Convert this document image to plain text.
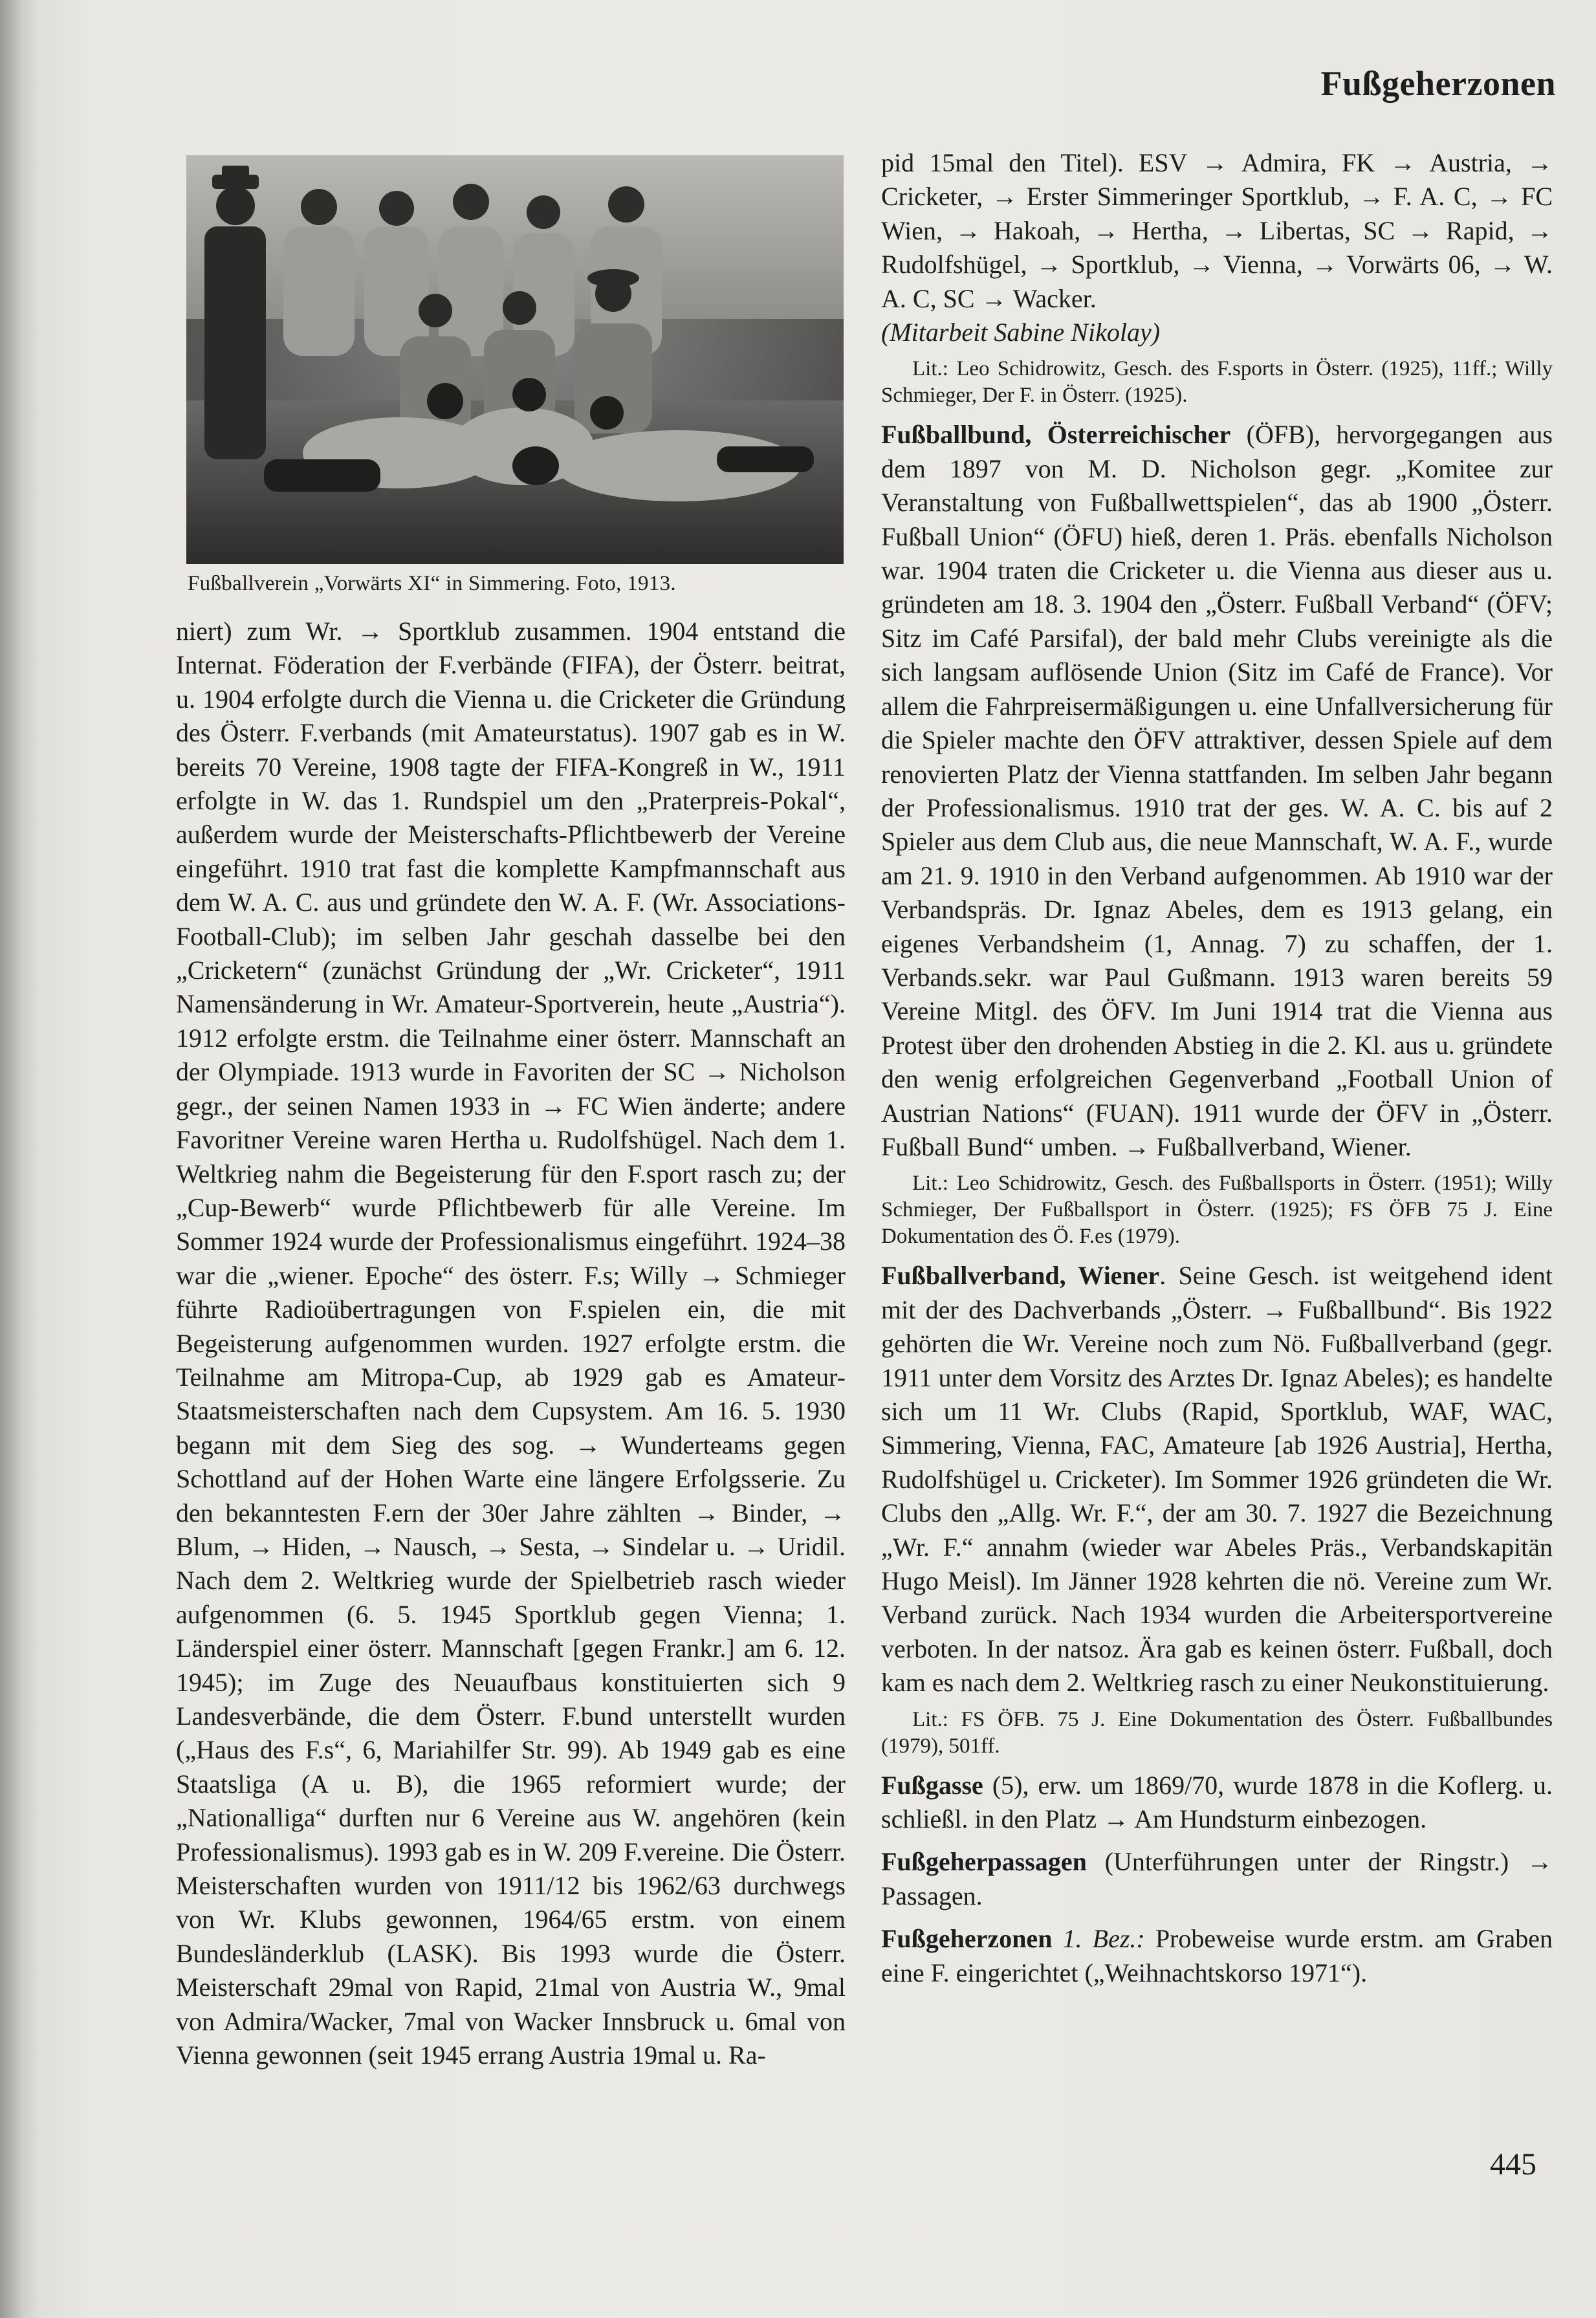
Fußgeherzonen
Fußballverein „Vorwärts XI“ in Simmering. Foto, 1913.

niert) zum Wr. → Sportklub zusammen. 1904 entstand die Internat. Föderation der F.verbände (FIFA), der Österr. beitrat, u. 1904 erfolgte durch die Vienna u. die Cricketer die Gründung des Österr. F.verbands (mit Amateurstatus). 1907 gab es in W. bereits 70 Vereine, 1908 tagte der FIFA-Kongreß in W., 1911 erfolgte in W. das 1. Rundspiel um den „Praterpreis-Pokal“, außerdem wurde der Meisterschafts-Pflichtbewerb der Vereine eingeführt. 1910 trat fast die komplette Kampfmannschaft aus dem W. A. C. aus und gründete den W. A. F. (Wr. Associations-Football-Club); im selben Jahr geschah dasselbe bei den „Cricketern“ (zunächst Gründung der „Wr. Cricketer“, 1911 Namensänderung in Wr. Amateur-Sportverein, heute „Austria“). 1912 erfolgte erstm. die Teilnahme einer österr. Mannschaft an der Olympiade. 1913 wurde in Favoriten der SC → Nicholson gegr., der seinen Namen 1933 in → FC Wien änderte; andere Favoritner Vereine waren Hertha u. Rudolfshügel. Nach dem 1. Weltkrieg nahm die Begeisterung für den F.sport rasch zu; der „Cup-Bewerb“ wurde Pflichtbewerb für alle Vereine. Im Sommer 1924 wurde der Professionalismus eingeführt. 1924–38 war die „wiener. Epoche“ des österr. F.s; Willy → Schmieger führte Radioübertragungen von F.spielen ein, die mit Begeisterung aufgenommen wurden. 1927 erfolgte erstm. die Teilnahme am Mitropa-Cup, ab 1929 gab es Amateur-Staatsmeisterschaften nach dem Cupsystem. Am 16. 5. 1930 begann mit dem Sieg des sog. → Wunderteams gegen Schottland auf der Hohen Warte eine längere Erfolgsserie. Zu den bekanntesten F.ern der 30er Jahre zählten → Binder, → Blum, → Hiden, → Nausch, → Sesta, → Sindelar u. → Uridil. Nach dem 2. Weltkrieg wurde der Spielbetrieb rasch wieder aufgenommen (6. 5. 1945 Sportklub gegen Vienna; 1. Länderspiel einer österr. Mannschaft [gegen Frankr.] am 6. 12. 1945); im Zuge des Neuaufbaus konstituierten sich 9 Landesverbände, die dem Österr. F.bund unterstellt wurden („Haus des F.s“, 6, Mariahilfer Str. 99). Ab 1949 gab es eine Staatsliga (A u. B), die 1965 reformiert wurde; der „Nationalliga“ durften nur 6 Vereine aus W. angehören (kein Professionalismus). 1993 gab es in W. 209 F.vereine. Die Österr. Meisterschaften wurden von 1911/12 bis 1962/63 durchwegs von Wr. Klubs gewonnen, 1964/65 erstm. von einem Bundesländerklub (LASK). Bis 1993 wurde die Österr. Meisterschaft 29mal von Rapid, 21mal von Austria W., 9mal von Admira/Wacker, 7mal von Wacker Innsbruck u. 6mal von Vienna gewonnen (seit 1945 errang Austria 19mal u. Ra-

pid 15mal den Titel). ESV → Admira, FK → Austria, → Cricketer, → Erster Simmeringer Sportklub, → F. A. C, → FC Wien, → Hakoah, → Hertha, → Libertas, SC → Rapid, → Rudolfshügel, → Sportklub, → Vienna, → Vorwärts 06, → W. A. C, SC → Wacker.

(Mitarbeit Sabine Nikolay)

Lit.: Leo Schidrowitz, Gesch. des F.sports in Österr. (1925), 11ff.; Willy Schmieger, Der F. in Österr. (1925).

Fußballbund, Österreichischer (ÖFB), hervorgegangen aus dem 1897 von M. D. Nicholson gegr. „Komitee zur Veranstaltung von Fußballwettspielen“, das ab 1900 „Österr. Fußball Union“ (ÖFU) hieß, deren 1. Präs. ebenfalls Nicholson war. 1904 traten die Cricketer u. die Vienna aus dieser aus u. gründeten am 18. 3. 1904 den „Österr. Fußball Verband“ (ÖFV; Sitz im Café Parsifal), der bald mehr Clubs vereinigte als die sich langsam auflösende Union (Sitz im Café de France). Vor allem die Fahrpreisermäßigungen u. eine Unfallversicherung für die Spieler machte den ÖFV attraktiver, dessen Spiele auf dem renovierten Platz der Vienna stattfanden. Im selben Jahr begann der Professionalismus. 1910 trat der ges. W. A. C. bis auf 2 Spieler aus dem Club aus, die neue Mannschaft, W. A. F., wurde am 21. 9. 1910 in den Verband aufgenommen. Ab 1910 war der Verbandspräs. Dr. Ignaz Abeles, dem es 1913 gelang, ein eigenes Verbandsheim (1, Annag. 7) zu schaffen, der 1. Verbands.sekr. war Paul Gußmann. 1913 waren bereits 59 Vereine Mitgl. des ÖFV. Im Juni 1914 trat die Vienna aus Protest über den drohenden Abstieg in die 2. Kl. aus u. gründete den wenig erfolgreichen Gegenverband „Football Union of Austrian Nations“ (FUAN). 1911 wurde der ÖFV in „Österr. Fußball Bund“ umben. → Fußballverband, Wiener.

Lit.: Leo Schidrowitz, Gesch. des Fußballsports in Österr. (1951); Willy Schmieger, Der Fußballsport in Österr. (1925); FS ÖFB 75 J. Eine Dokumentation des Ö. F.es (1979).

Fußballverband, Wiener. Seine Gesch. ist weitgehend ident mit der des Dachverbands „Österr. → Fußballbund“. Bis 1922 gehörten die Wr. Vereine noch zum Nö. Fußballverband (gegr. 1911 unter dem Vorsitz des Arztes Dr. Ignaz Abeles); es handelte sich um 11 Wr. Clubs (Rapid, Sportklub, WAF, WAC, Simmering, Vienna, FAC, Amateure [ab 1926 Austria], Hertha, Rudolfshügel u. Cricketer). Im Sommer 1926 gründeten die Wr. Clubs den „Allg. Wr. F.“, der am 30. 7. 1927 die Bezeichnung „Wr. F.“ annahm (wieder war Abeles Präs., Verbandskapitän Hugo Meisl). Im Jänner 1928 kehrten die nö. Vereine zum Wr. Verband zurück. Nach 1934 wurden die Arbeitersportvereine verboten. In der natsoz. Ära gab es keinen österr. Fußball, doch kam es nach dem 2. Weltkrieg rasch zu einer Neukonstituierung.

Lit.: FS ÖFB. 75 J. Eine Dokumentation des Österr. Fußballbundes (1979), 501ff.

Fußgasse (5), erw. um 1869/70, wurde 1878 in die Koflerg. u. schließl. in den Platz → Am Hundsturm einbezogen.

Fußgeherpassagen (Unterführungen unter der Ringstr.) → Passagen.

Fußgeherzonen 1. Bez.: Probeweise wurde erstm. am Graben eine F. eingerichtet („Weihnachtskorso 1971“).

445
